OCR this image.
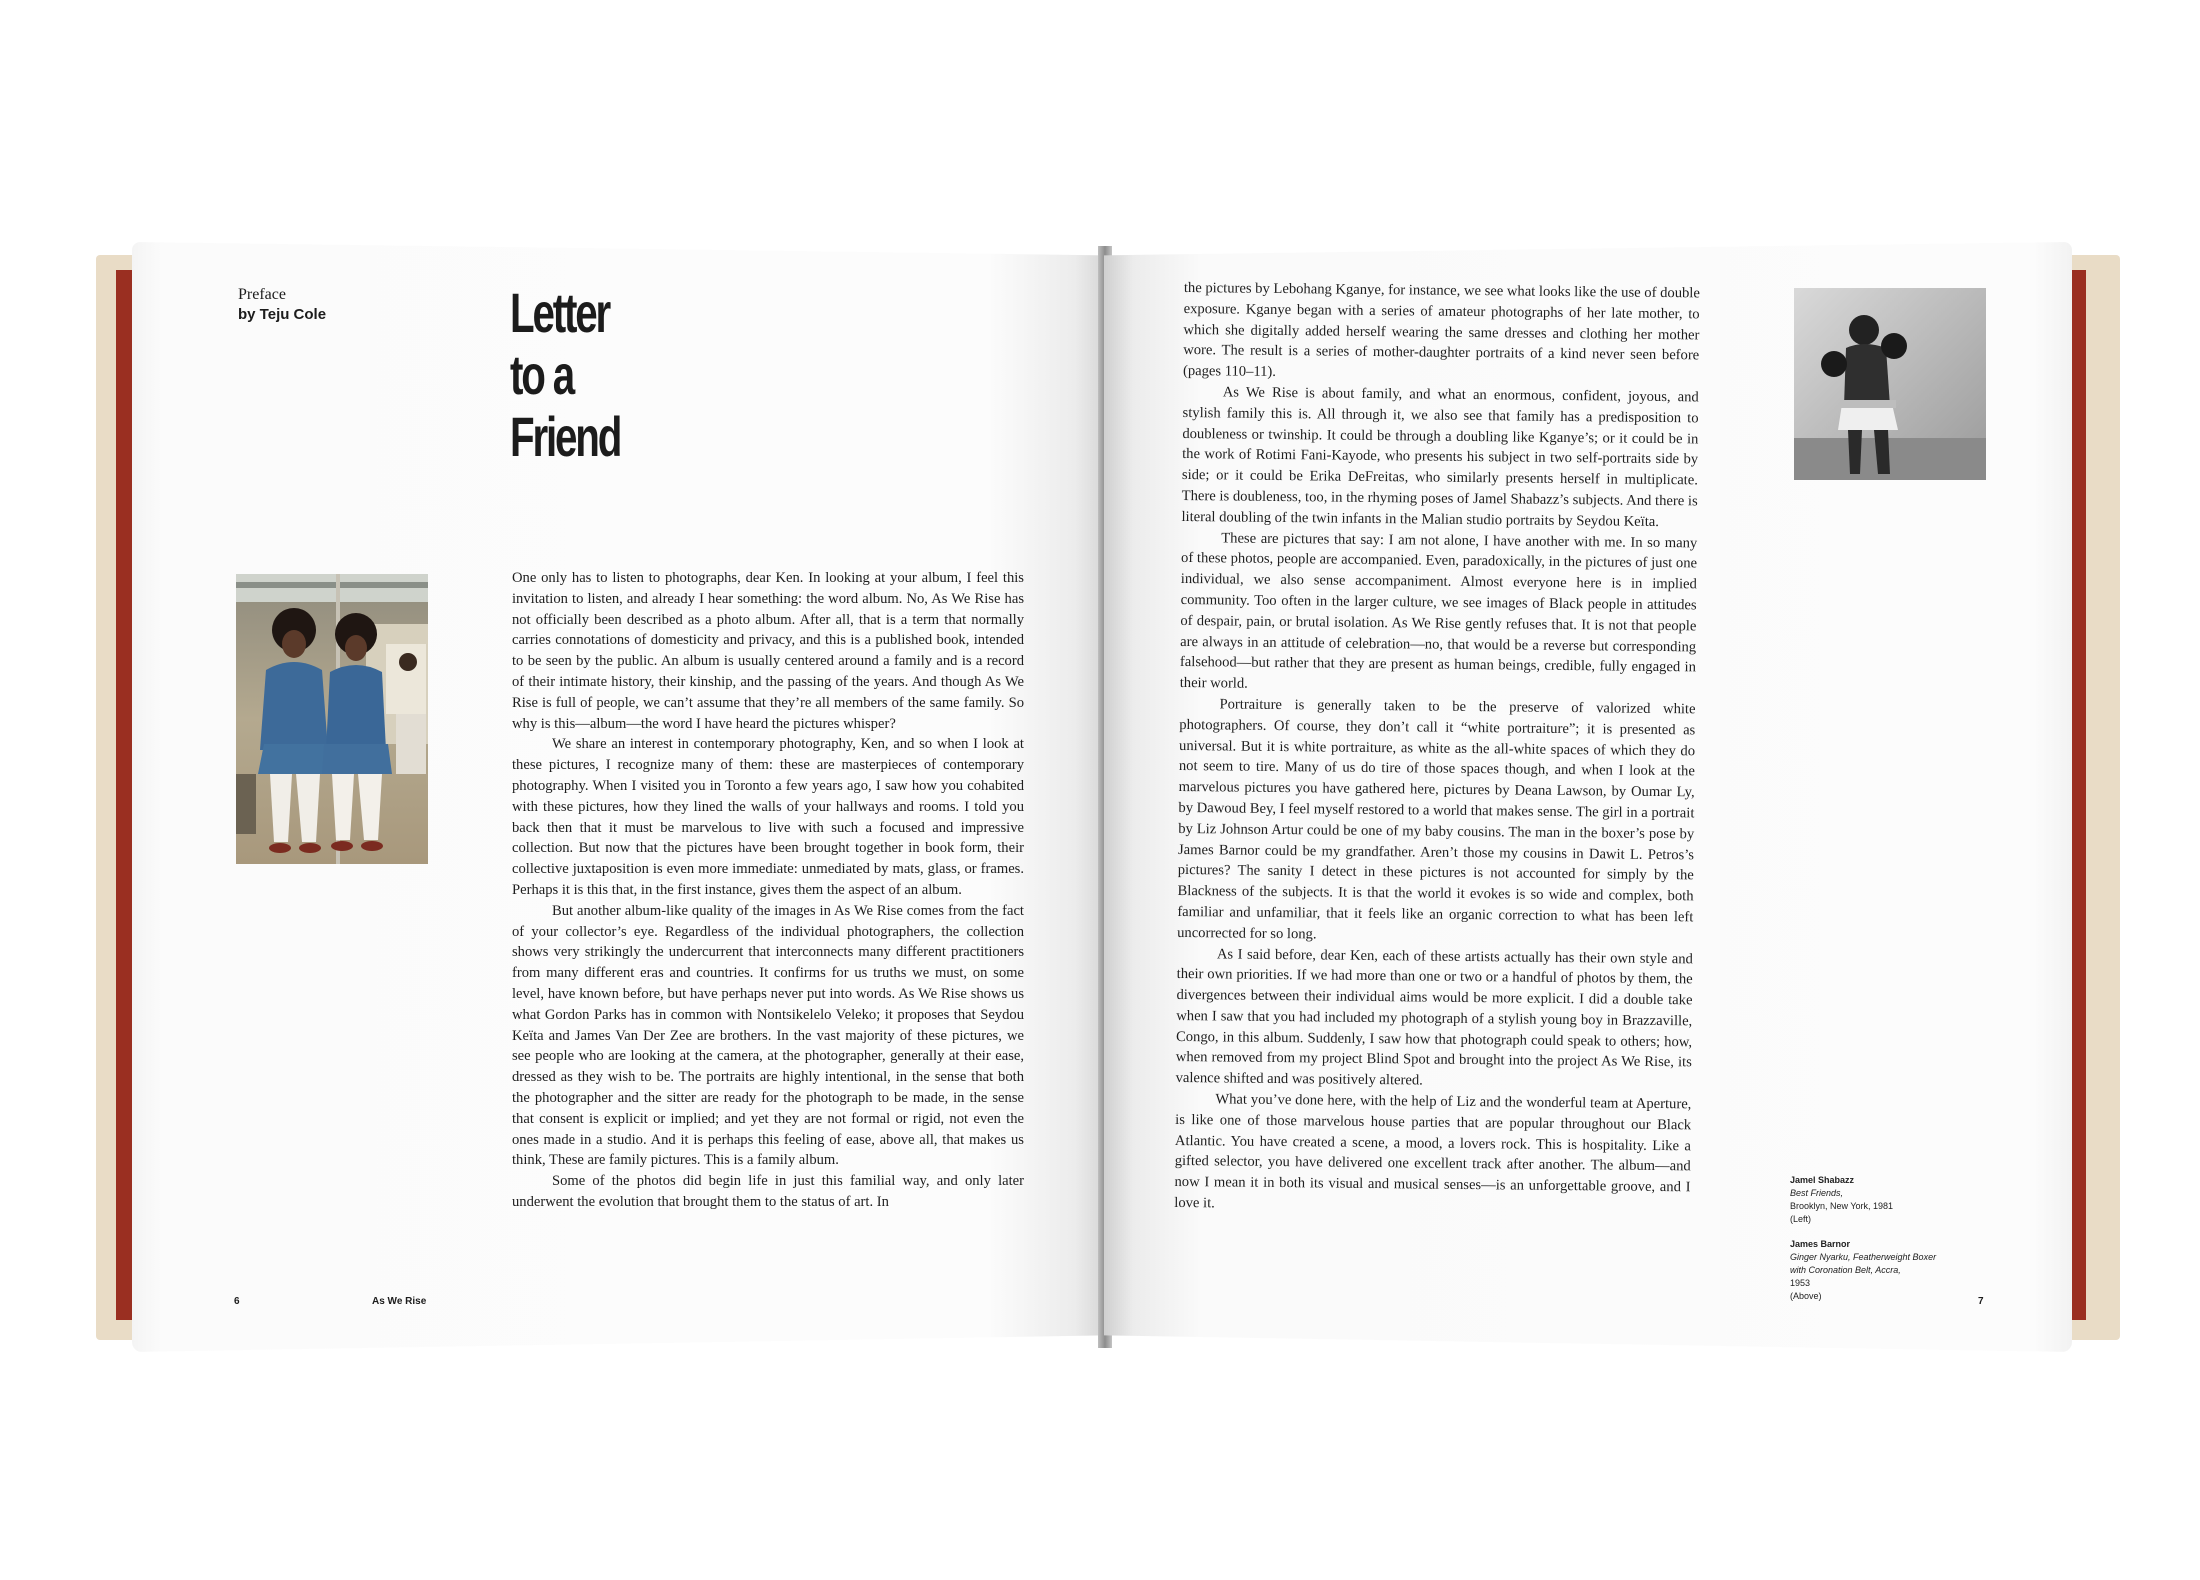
Preface
by Teju Cole	Letter
to a
Friend

One only has to listen to photographs, dear Ken. In looking at your album, I feel this invitation to listen, and already I hear something: the word album. No, As We Rise has not officially been described as a photo album. After all, that is a term that normally carries connotations of domesticity and privacy, and this is a published book, intended to be seen by the public. An album is usually centered around a family and is a record of their intimate history, their kinship, and the passing of the years. And though As We Rise is full of people, we can’t assume that they’re all members of the same family. So why is this—album—the word I have heard the pictures whisper?

We share an interest in contemporary photography, Ken, and so when I look at these pictures, I recognize many of them: these are masterpieces of contemporary photography. When I visited you in Toronto a few years ago, I saw how you cohabited with these pictures, how they lined the walls of your hallways and rooms. I told you back then that it must be marvelous to live with such a focused and impressive collection. But now that the pictures have been brought together in book form, their collective juxtaposition is even more immediate: unmediated by mats, glass, or frames. Perhaps it is this that, in the first instance, gives them the aspect of an album.

But another album-like quality of the images in As We Rise comes from the fact of your collector’s eye. Regardless of the individual photographers, the collection shows very strikingly the undercurrent that interconnects many different practitioners from many different eras and countries. It confirms for us truths we must, on some level, have known before, but have perhaps never put into words. As We Rise shows us what Gordon Parks has in common with Nontsikelelo Veleko; it proposes that Seydou Keïta and James Van Der Zee are brothers. In the vast majority of these pictures, we see people who are looking at the camera, at the photographer, generally at their ease, dressed as they wish to be. The portraits are highly intentional, in the sense that both the photographer and the sitter are ready for the photograph to be made, in the sense that consent is explicit or implied; and yet they are not formal or rigid, not even the ones made in a studio. And it is perhaps this feeling of ease, above all, that makes us think, These are family pictures. This is a family album.

Some of the photos did begin life in just this familial way, and only later underwent the evolution that brought them to the status of art. In

6	As We Rise

the pictures by Lebohang Kganye, for instance, we see what looks like the use of double exposure. Kganye began with a series of amateur photographs of her late mother, to which she digitally added herself wearing the same dresses and clothing her mother wore. The result is a series of mother-daughter portraits of a kind never seen before (pages 110–11).

As We Rise is about family, and what an enormous, confident, joyous, and stylish family this is. All through it, we also see that family has a predisposition to doubleness or twinship. It could be through a doubling like Kganye’s; or it could be in the work of Rotimi Fani-Kayode, who presents his subject in two self-portraits side by side; or it could be Erika DeFreitas, who similarly presents herself in multiplicate. There is doubleness, too, in the rhyming poses of Jamel Shabazz’s subjects. And there is literal doubling of the twin infants in the Malian studio portraits by Seydou Keïta.

These are pictures that say: I am not alone, I have another with me. In so many of these photos, people are accompanied. Even, paradoxically, in the pictures of just one individual, we also sense accompaniment. Almost everyone here is in implied community. Too often in the larger culture, we see images of Black people in attitudes of despair, pain, or brutal isolation. As We Rise gently refuses that. It is not that people are always in an attitude of celebration—no, that would be a reverse but corresponding falsehood—but rather that they are present as human beings, credible, fully engaged in their world.

Portraiture is generally taken to be the preserve of valorized white photographers. Of course, they don’t call it “white portraiture”; it is presented as universal. But it is white portraiture, as white as the all-white spaces of which they do not seem to tire. Many of us do tire of those spaces though, and when I look at the marvelous pictures you have gathered here, pictures by Deana Lawson, by Oumar Ly, by Dawoud Bey, I feel myself restored to a world that makes sense. The girl in a portrait by Liz Johnson Artur could be one of my baby cousins. The man in the boxer’s pose by James Barnor could be my grandfather. Aren’t those my cousins in Dawit L. Petros’s pictures? The sanity I detect in these pictures is not accounted for simply by the Blackness of the subjects. It is that the world it evokes is so wide and complex, both familiar and unfamiliar, that it feels like an organic correction to what has been left uncorrected for so long.

As I said before, dear Ken, each of these artists actually has their own style and their own priorities. If we had more than one or two or a handful of photos by them, the divergences between their individual aims would be more explicit. I did a double take when I saw that you had included my photograph of a stylish young boy in Brazzaville, Congo, in this album. Suddenly, I saw how that photograph could speak to others; how, when removed from my project Blind Spot and brought into the project As We Rise, its valence shifted and was positively altered.

What you’ve done here, with the help of Liz and the wonderful team at Aperture, is like one of those marvelous house parties that are popular throughout our Black Atlantic. You have created a scene, a mood, a lovers rock. This is hospitality. Like a gifted selector, you have delivered one excellent track after another. The album—and now I mean it in both its visual and musical senses—is an unforgettable groove, and I love it.

Jamel Shabazz
Best Friends,
Brooklyn, New York, 1981
(Left)
James Barnor
Ginger Nyarku, Featherweight Boxer with Coronation Belt, Accra,
1953
(Above)	7
